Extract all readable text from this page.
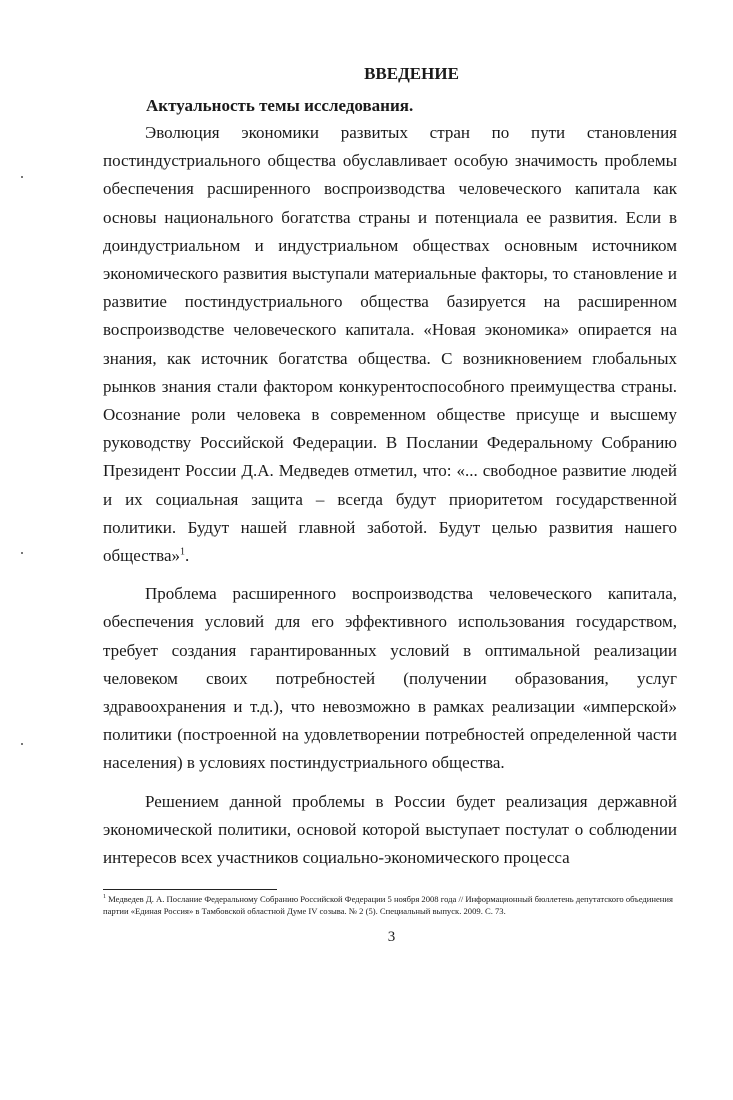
ВВЕДЕНИЕ
Актуальность темы исследования.

Эволюция экономики развитых стран по пути становления постиндустриального общества обуславливает особую значимость проблемы обеспечения расширенного воспроизводства человеческого капитала как основы национального богатства страны и потенциала ее развития. Если в доиндустриальном и индустриальном обществах основным источником экономического развития выступали материальные факторы, то становление и развитие постиндустриального общества базируется на расширенном воспроизводстве человеческого капитала. «Новая экономика» опирается на знания, как источник богатства общества. С возникновением глобальных рынков знания стали фактором конкурентоспособного преимущества страны. Осознание роли человека в современном обществе присуще и высшему руководству Российской Федерации. В Послании Федеральному Собранию Президент России Д.А. Медведев отметил, что: «... свободное развитие людей и их социальная защита – всегда будут приоритетом государственной политики. Будут нашей главной заботой. Будут целью развития нашего общества»$^1$.

Проблема расширенного воспроизводства человеческого капитала, обеспечения условий для его эффективного использования государством, требует создания гарантированных условий в оптимальной реализации человеком своих потребностей (получении образования, услуг здравоохранения и т.д.), что невозможно в рамках реализации «имперской» политики (построенной на удовлетворении потребностей определенной части населения) в условиях постиндустриального общества.

Решением данной проблемы в России будет реализация державной экономической политики, основой которой выступает постулат о соблюдении интересов всех участников социально-экономического процесса

$^1$ Медведев Д. А. Послание Федеральному Собранию Российской Федерации 5 ноября 2008 года // Информационный бюллетень депутатского объединения партии «Единая Россия» в Тамбовской областной Думе IV созыва. № 2 (5). Специальный выпуск. 2009. С. 73.

3
